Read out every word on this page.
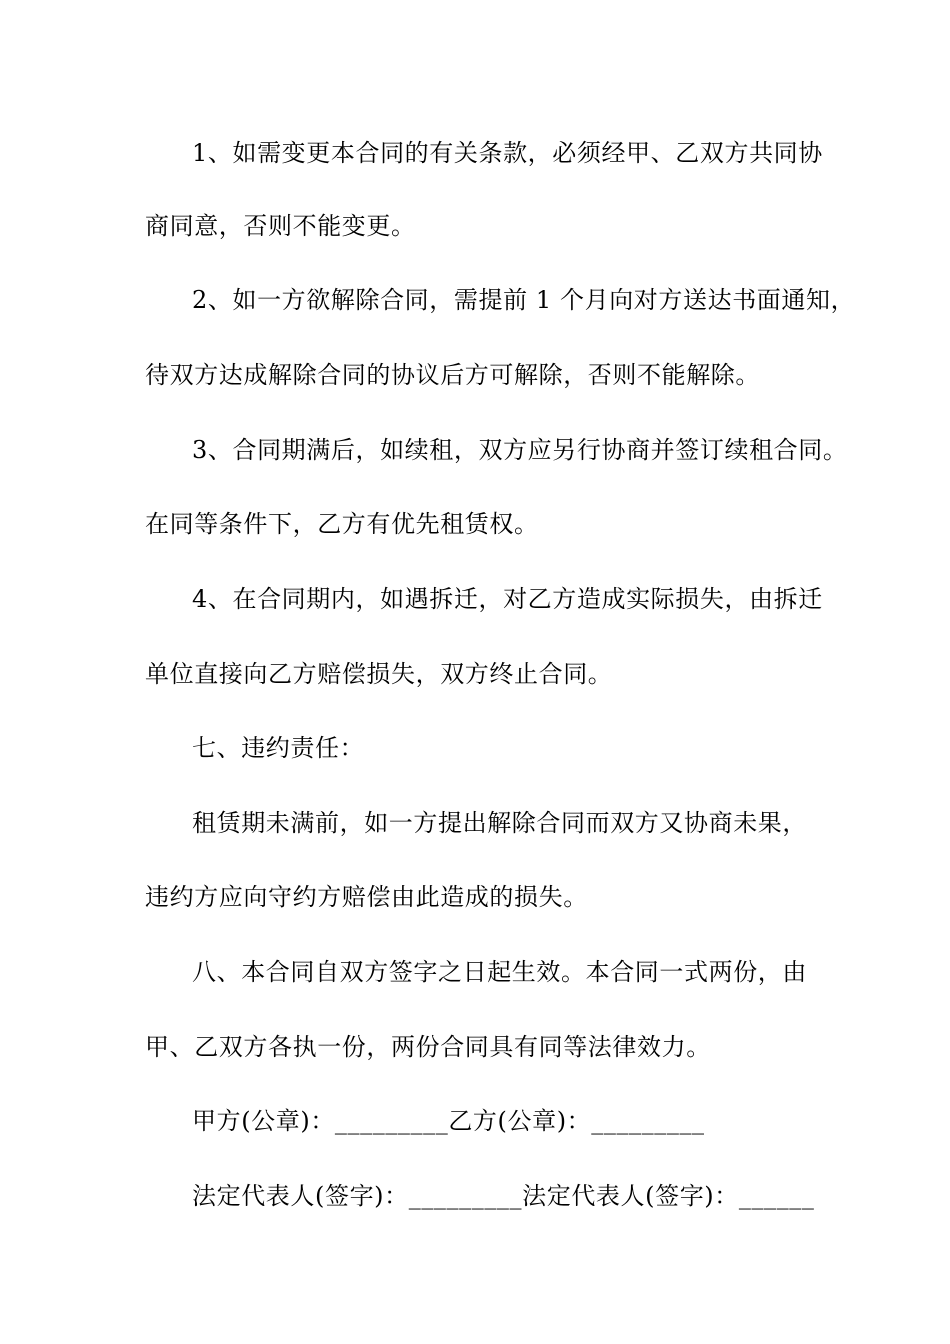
1、如需变更本合同的有关条款，必须经甲、乙双方共同协
商同意，否则不能变更。
2、如一方欲解除合同，需提前 1 个月向对方送达书面通知，
待双方达成解除合同的协议后方可解除，否则不能解除。
3、合同期满后，如续租，双方应另行协商并签订续租合同。
在同等条件下，乙方有优先租赁权。
4、在合同期内，如遇拆迁，对乙方造成实际损失，由拆迁
单位直接向乙方赔偿损失，双方终止合同。
七、违约责任：
租赁期未满前，如一方提出解除合同而双方又协商未果，
违约方应向守约方赔偿由此造成的损失。
八、本合同自双方签字之日起生效。本合同一式两份，由
甲、乙双方各执一份，两份合同具有同等法律效力。
甲方(公章)：_________乙方(公章)：_________
法定代表人(签字)：_________法定代表人(签字)：______
